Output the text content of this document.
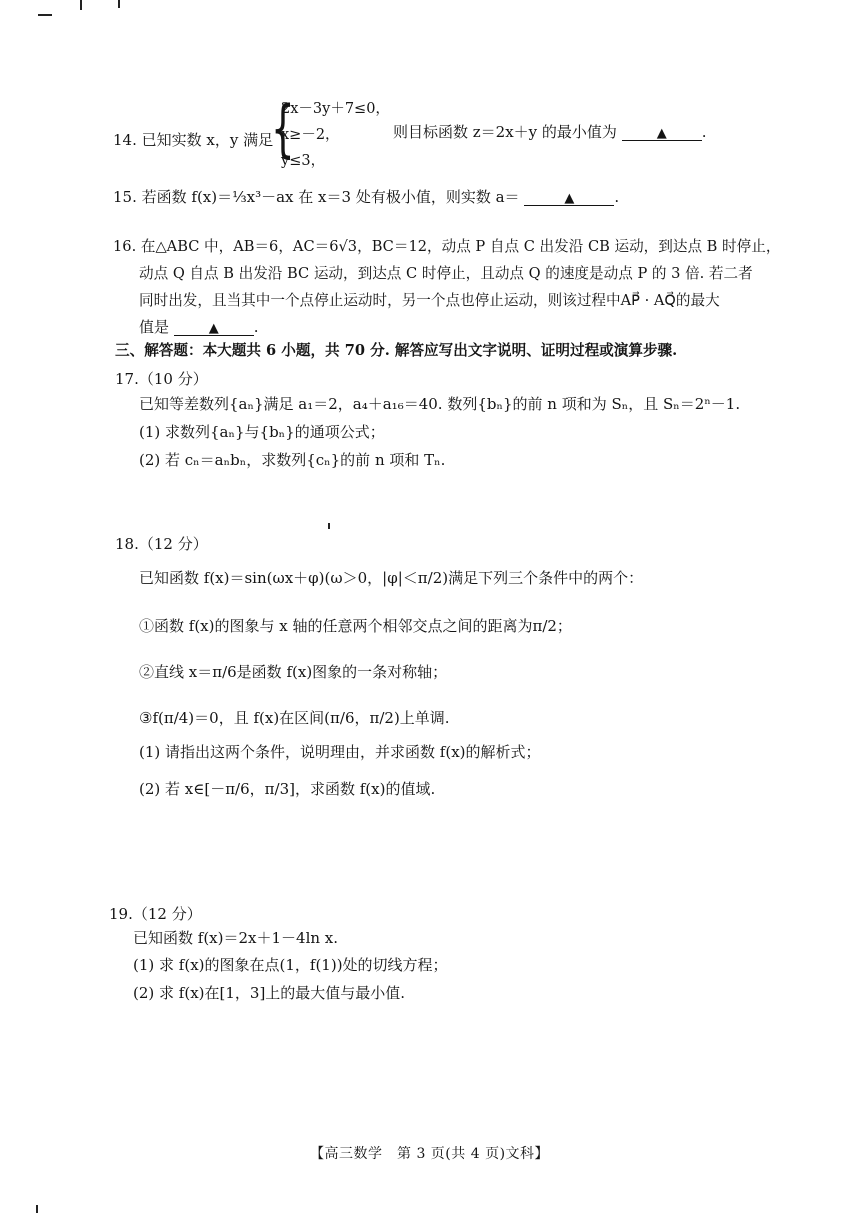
14. 已知实数 x，y 满足
{
2x－3y＋7≤0，
x≥－2，
y≤3，
则目标函数 z＝2x＋y 的最小值为	▲ .
15. 若函数 f(x)＝⅓x³－ax 在 x＝3 处有极小值，则实数 a＝	▲	.
16. 在△ABC 中，AB＝6，AC＝6√3，BC＝12，动点 P 自点 C 出发沿 CB 运动，到达点 B 时停止，
动点 Q 自点 B 出发沿 BC 运动，到达点 C 时停止，且动点 Q 的速度是动点 P 的 3 倍. 若二者
同时出发，且当其中一个点停止运动时，另一个点也停止运动，则该过程中AP⃗ · AQ⃗的最大
值是	▲ .
三、解答题：本大题共 6 小题，共 70 分. 解答应写出文字说明、证明过程或演算步骤.
17.（10 分）
已知等差数列{aₙ}满足 a₁＝2，a₄＋a₁₆＝40. 数列{bₙ}的前 n 项和为 Sₙ，且 Sₙ＝2ⁿ－1.
(1) 求数列{aₙ}与{bₙ}的通项公式；
(2) 若 cₙ＝aₙbₙ，求数列{cₙ}的前 n 项和 Tₙ.
18.（12 分）
已知函数 f(x)＝sin(ωx＋φ)(ω＞0，|φ|＜π/2)满足下列三个条件中的两个：
①函数 f(x)的图象与 x 轴的任意两个相邻交点之间的距离为π/2；
②直线 x＝π/6是函数 f(x)图象的一条对称轴；
③f(π/4)＝0，且 f(x)在区间(π/6，π/2)上单调.
(1) 请指出这两个条件，说明理由，并求函数 f(x)的解析式；
(2) 若 x∈[－π/6，π/3]，求函数 f(x)的值域.
19.（12 分）
已知函数 f(x)＝2x＋1－4ln x.
(1) 求 f(x)的图象在点(1，f(1))处的切线方程；
(2) 求 f(x)在[1，3]上的最大值与最小值.
【高三数学　第 3 页(共 4 页)文科】
